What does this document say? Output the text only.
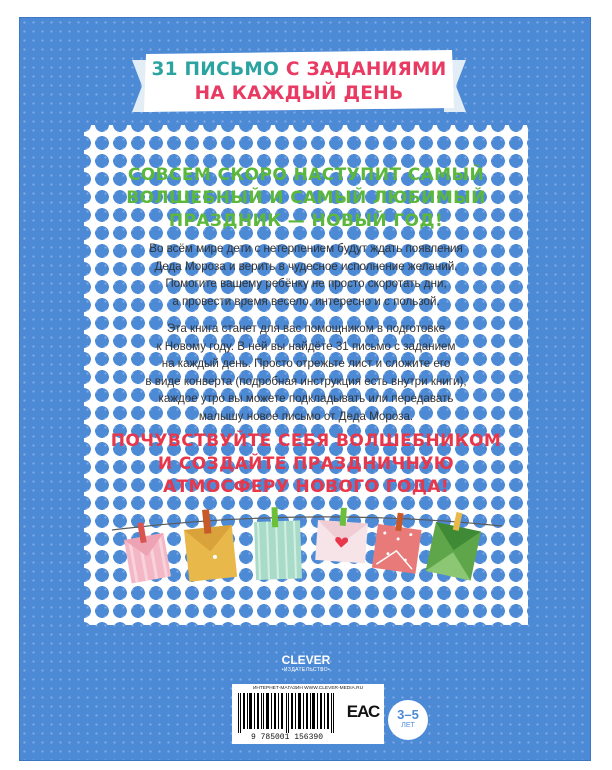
31 ПИСЬМО С ЗАДАНИЯМИ
НА КАЖДЫЙ ДЕНЬ
СОВСЕМ СКОРО НАСТУПИТ САМЫЙ
ВОЛШЕБНЫЙ И САМЫЙ ЛЮБИМЫЙ
ПРАЗДНИК — НОВЫЙ ГОД!
Во всём мире дети с нетерпением будут ждать появления
Деда Мороза и верить в чудесное исполнение желаний.
Помогите вашему ребёнку не просто скоротать дни,
а провести время весело, интересно и с пользой.
Эта книга станет для вас помощником в подготовке
к Новому году. В ней вы найдёте 31 письмо с заданием
на каждый день. Просто отрежьте лист и сложите его
в виде конверта (подробная инструкция есть внутри книги),
каждое утро вы можете подкладывать или передавать
малышу новое письмо от Деда Мороза.
ПОЧУВСТВУЙТЕ СЕБЯ ВОЛШЕБНИКОМ
И СОЗДАЙТЕ ПРАЗДНИЧНУЮ
АТМОСФЕРУ НОВОГО ГОДА!
CLEVER
•ИЗДАТЕЛЬСТВО•
ИНТЕРНЕТ-МАГАЗИН WWW.CLEVER-MEDIA.RU
9 785001 156390
ЕАС	3–5
ЛЕТ
